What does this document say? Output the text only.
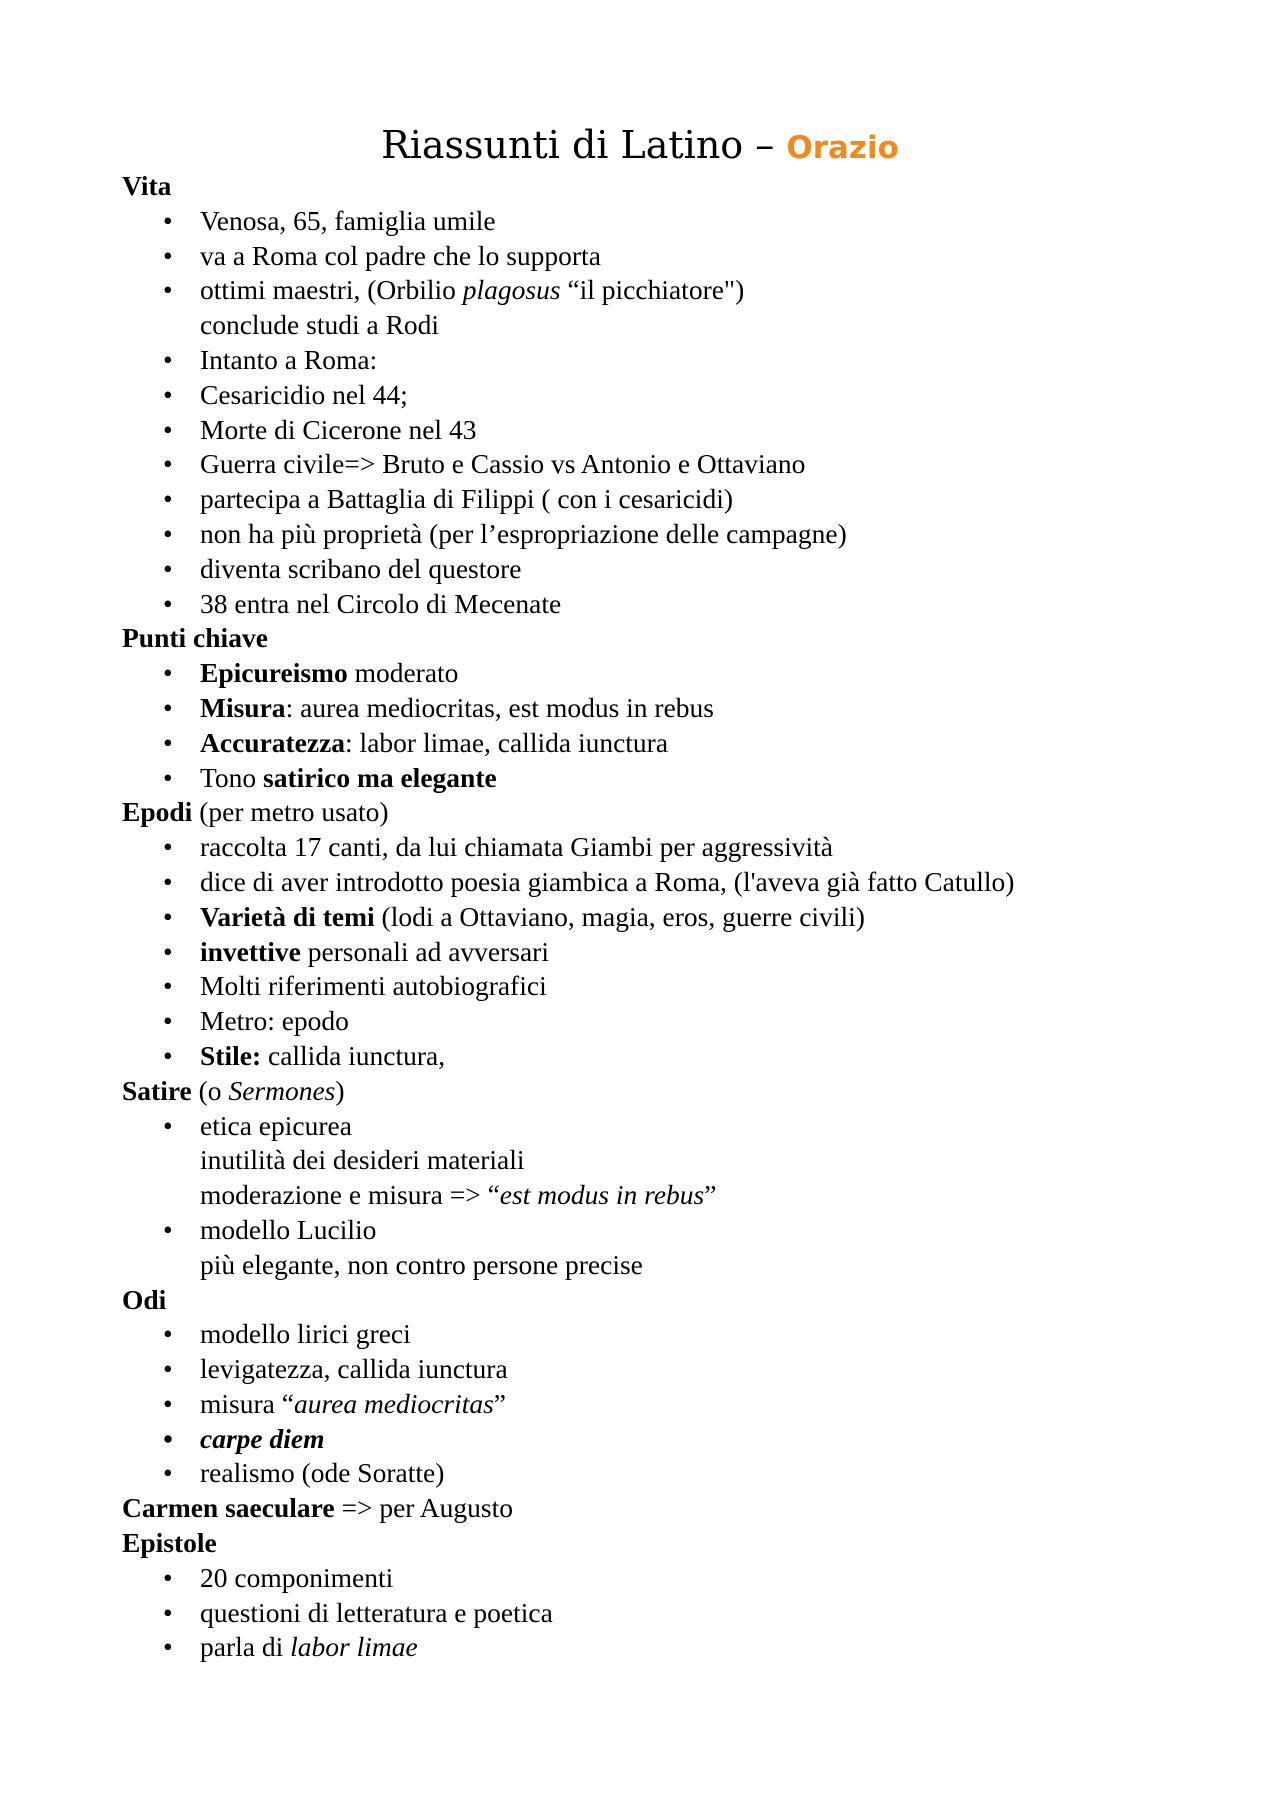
Riassunti di Latino – Orazio
Vita
• Venosa, 65, famiglia umile
• va a Roma col padre che lo supporta
• ottimi maestri, (Orbilio plagosus “il picchiatore")
conclude studi a Rodi
• Intanto a Roma:
• Cesaricidio nel 44;
• Morte di Cicerone nel 43
• Guerra civile=> Bruto e Cassio vs Antonio e Ottaviano
• partecipa a Battaglia di Filippi ( con i cesaricidi)
• non ha più proprietà (per l’espropriazione delle campagne)
• diventa scribano del questore
• 38 entra nel Circolo di Mecenate
Punti chiave
• Epicureismo moderato
• Misura: aurea mediocritas, est modus in rebus
• Accuratezza: labor limae, callida iunctura
• Tono satirico ma elegante
Epodi (per metro usato)
• raccolta 17 canti, da lui chiamata Giambi per aggressività
• dice di aver introdotto poesia giambica a Roma, (l'aveva già fatto Catullo)
• Varietà di temi (lodi a Ottaviano, magia, eros, guerre civili)
• invettive personali ad avversari
• Molti riferimenti autobiografici
• Metro: epodo
• Stile: callida iunctura,
Satire (o Sermones)
• etica epicurea
inutilità dei desideri materiali
moderazione e misura => “est modus in rebus”
• modello Lucilio
più elegante, non contro persone precise
Odi
• modello lirici greci
• levigatezza, callida iunctura
• misura “aurea mediocritas”
• carpe diem
• realismo (ode Soratte)
Carmen saeculare => per Augusto
Epistole
• 20 componimenti
• questioni di letteratura e poetica
• parla di labor limae
